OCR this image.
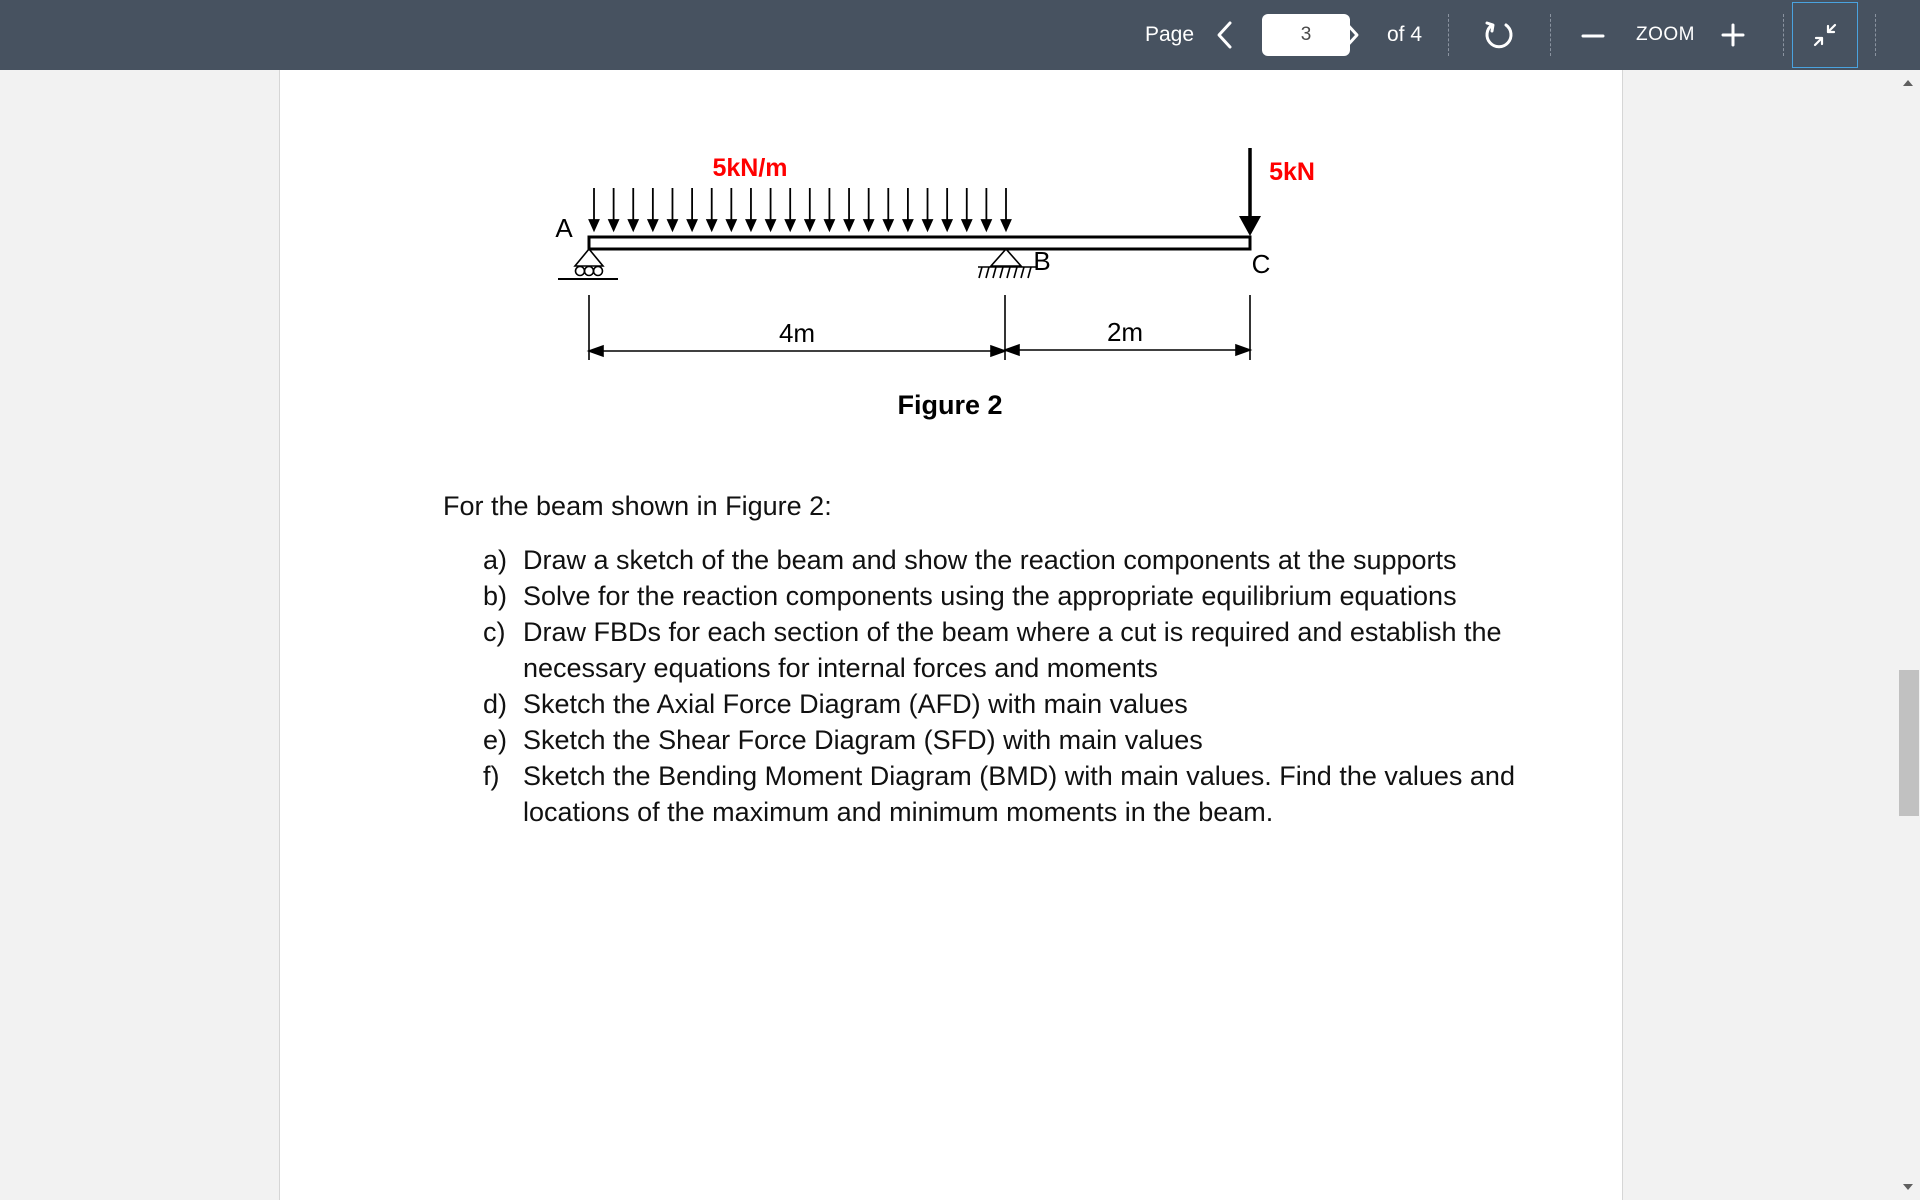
Page
3	of 4	ZOOM
5kN/m	5kN
A
B	C
4m	2m
Figure 2

For the beam shown in Figure 2:

a) Draw a sketch of the beam and show the reaction components at the supports
b) Solve for the reaction components using the appropriate equilibrium equations
c) Draw FBDs for each section of the beam where a cut is required and establish the necessary equations for internal forces and moments
d) Sketch the Axial Force Diagram (AFD) with main values
e) Sketch the Shear Force Diagram (SFD) with main values
f) Sketch the Bending Moment Diagram (BMD) with main values. Find the values and locations of the maximum and minimum moments in the beam.
